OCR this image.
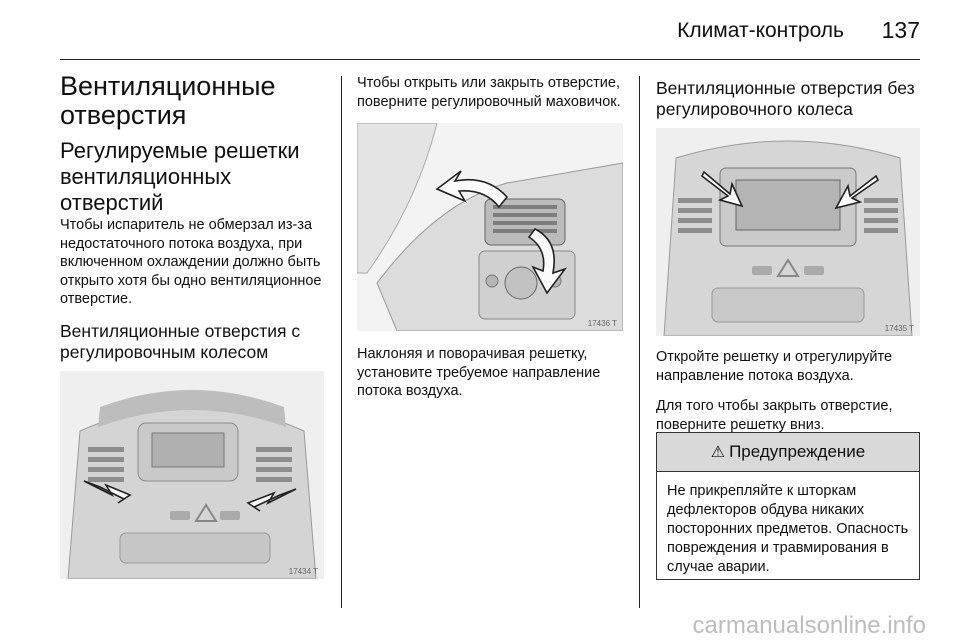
Климат-контроль 137
Вентиляционные отверстия
Регулируемые решетки вентиляционных отверстий
Чтобы испаритель не обмерзал из-за недостаточного потока воздуха, при включенном охлаждении должно быть открыто хотя бы одно вентиляционное отверстие.
Вентиляционные отверстия с регулировочным колесом
17434 T
Чтобы открыть или закрыть отверстие, поверните регулировочный маховичок.
17436 T
Наклоняя и поворачивая решетку, установите требуемое направление потока воздуха.
Вентиляционные отверстия без регулировочного колеса
17435 T
Откройте решетку и отрегулируйте направление потока воздуха.
Для того чтобы закрыть отверстие, поверните решетку вниз.
⚠ Предупреждение
Не прикрепляйте к шторкам дефлекторов обдува никаких посторонних предметов. Опасность повреждения и травмирования в случае аварии.
carmanualsonline.info
